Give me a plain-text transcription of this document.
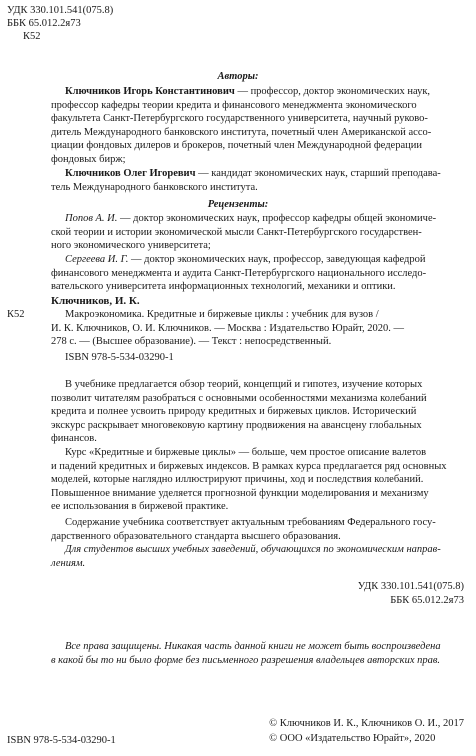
УДК 330.101.541(075.8)
ББК 65.012.2я73
К52
Авторы:
Ключников Игорь Константинович — профессор, доктор экономических наук,
профессор кафедры теории кредита и финансового менеджмента экономического
факультета Санкт-Петербургского государственного университета, научный руково-
дитель Международного банковского института, почетный член Американской ассо-
циации фондовых дилеров и брокеров, почетный член Международной федерации
фондовых бирж;
Ключников Олег Игоревич — кандидат экономических наук, старший преподава-
тель Международного банковского института.
Рецензенты:
Попов А. И. — доктор экономических наук, профессор кафедры общей экономиче-
ской теории и истории экономической мысли Санкт-Петербургского государствен-
ного экономического университета;
Сергеева И. Г. — доктор экономических наук, профессор, заведующая кафедрой
финансового менеджмента и аудита Санкт-Петербургского национального исследо-
вательского университета информационных технологий, механики и оптики.
К52
Ключников, И. К.
Макроэкономика. Кредитные и биржевые циклы : учебник для вузов /
И. К. Ключников, О. И. Ключников. — Москва : Издательство Юрайт, 2020. —
278 с. — (Высшее образование). — Текст : непосредственный.
ISBN 978-5-534-03290-1
В учебнике предлагается обзор теорий, концепций и гипотез, изучение которых
позволит читателям разобраться с основными особенностями механизма колебаний
кредита и полнее усвоить природу кредитных и биржевых циклов. Исторический
экскурс раскрывает многовековую картину продвижения на авансцену глобальных
финансов.
Курс «Кредитные и биржевые циклы» — больше, чем простое описание валетов
и падений кредитных и биржевых индексов. В рамках курса предлагается ряд основных
моделей, которые наглядно иллюстрируют причины, ход и последствия колебаний.
Повышенное внимание уделяется прогнозной функции моделирования и механизму
ее использования в биржевой практике.
Содержание учебника соответствует актуальным требованиям Федерального госу-
дарственного образовательного стандарта высшего образования.
Для студентов высших учебных заведений, обучающихся по экономическим направ-
лениям.
УДК 330.101.541(075.8)
ББК 65.012.2я73
Все права защищены. Никакая часть данной книги не может быть воспроизведена
в какой бы то ни было форме без письменного разрешения владельцев авторских прав.
ISBN 978-5-534-03290-1
© Ключников И. К., Ключников О. И., 2017
© ООО «Издательство Юрайт», 2020
